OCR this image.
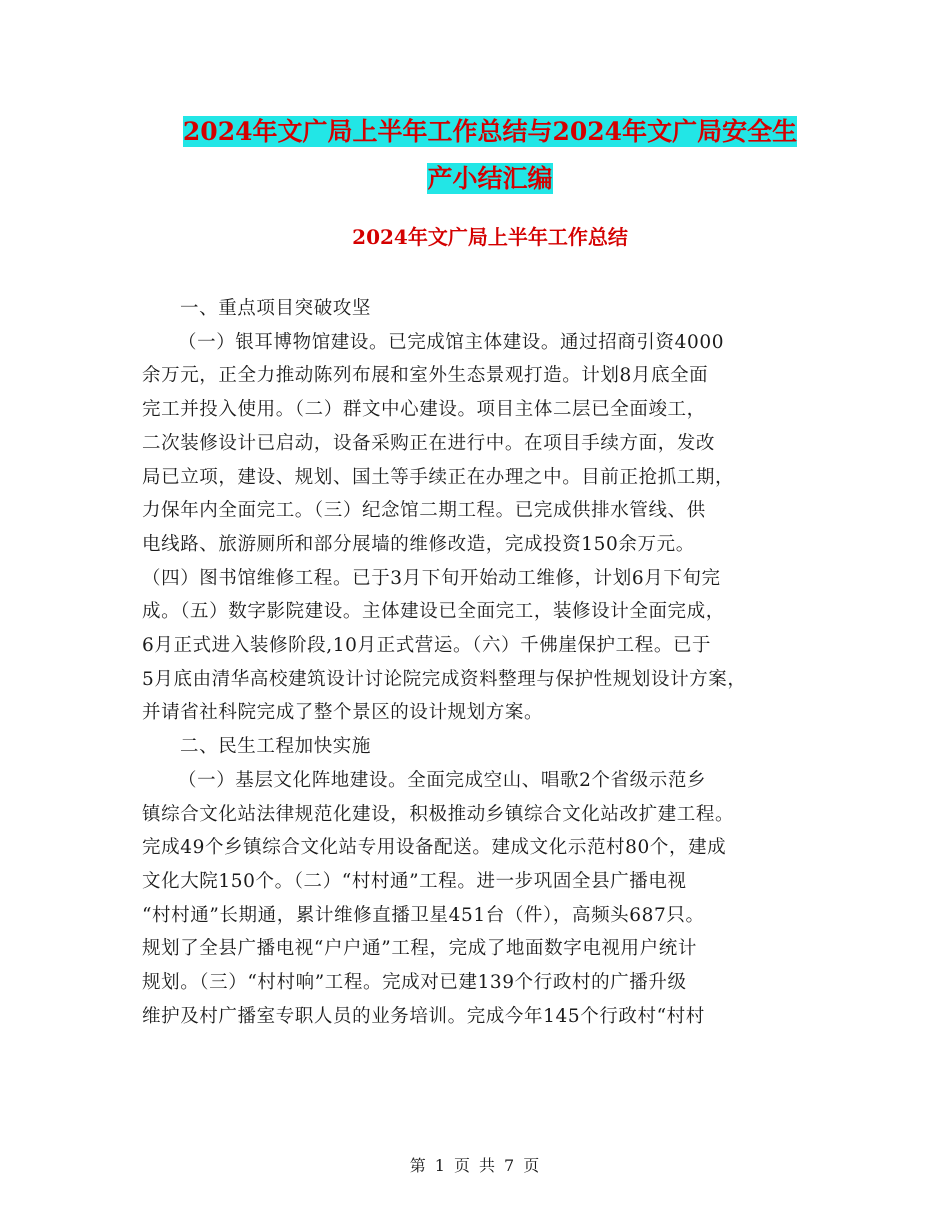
2024年文广局上半年工作总结与2024年文广局安全生
产小结汇编
2024年文广局上半年工作总结
一、重点项目突破攻坚
（一）银耳博物馆建设。已完成馆主体建设。通过招商引资4000
余万元，正全力推动陈列布展和室外生态景观打造。计划8月底全面
完工并投入使用。（二）群文中心建设。项目主体二层已全面竣工，
二次装修设计已启动，设备采购正在进行中。在项目手续方面，发改
局已立项，建设、规划、国土等手续正在办理之中。目前正抢抓工期，
力保年内全面完工。（三）纪念馆二期工程。已完成供排水管线、供
电线路、旅游厕所和部分展墙的维修改造，完成投资150余万元。
（四）图书馆维修工程。已于3月下旬开始动工维修，计划6月下旬完
成。（五）数字影院建设。主体建设已全面完工，装修设计全面完成，
6月正式进入装修阶段,10月正式营运。（六）千佛崖保护工程。已于
5月底由清华高校建筑设计讨论院完成资料整理与保护性规划设计方案，
并请省社科院完成了整个景区的设计规划方案。
二、民生工程加快实施
（一）基层文化阵地建设。全面完成空山、唱歌2个省级示范乡
镇综合文化站法律规范化建设，积极推动乡镇综合文化站改扩建工程。
完成49个乡镇综合文化站专用设备配送。建成文化示范村80个，建成
文化大院150个。（二）“村村通”工程。进一步巩固全县广播电视
“村村通”长期通，累计维修直播卫星451台（件），高频头687只。
规划了全县广播电视“户户通”工程，完成了地面数字电视用户统计
规划。（三）“村村响”工程。完成对已建139个行政村的广播升级
维护及村广播室专职人员的业务培训。完成今年145个行政村“村村
第 1 页 共 7 页
